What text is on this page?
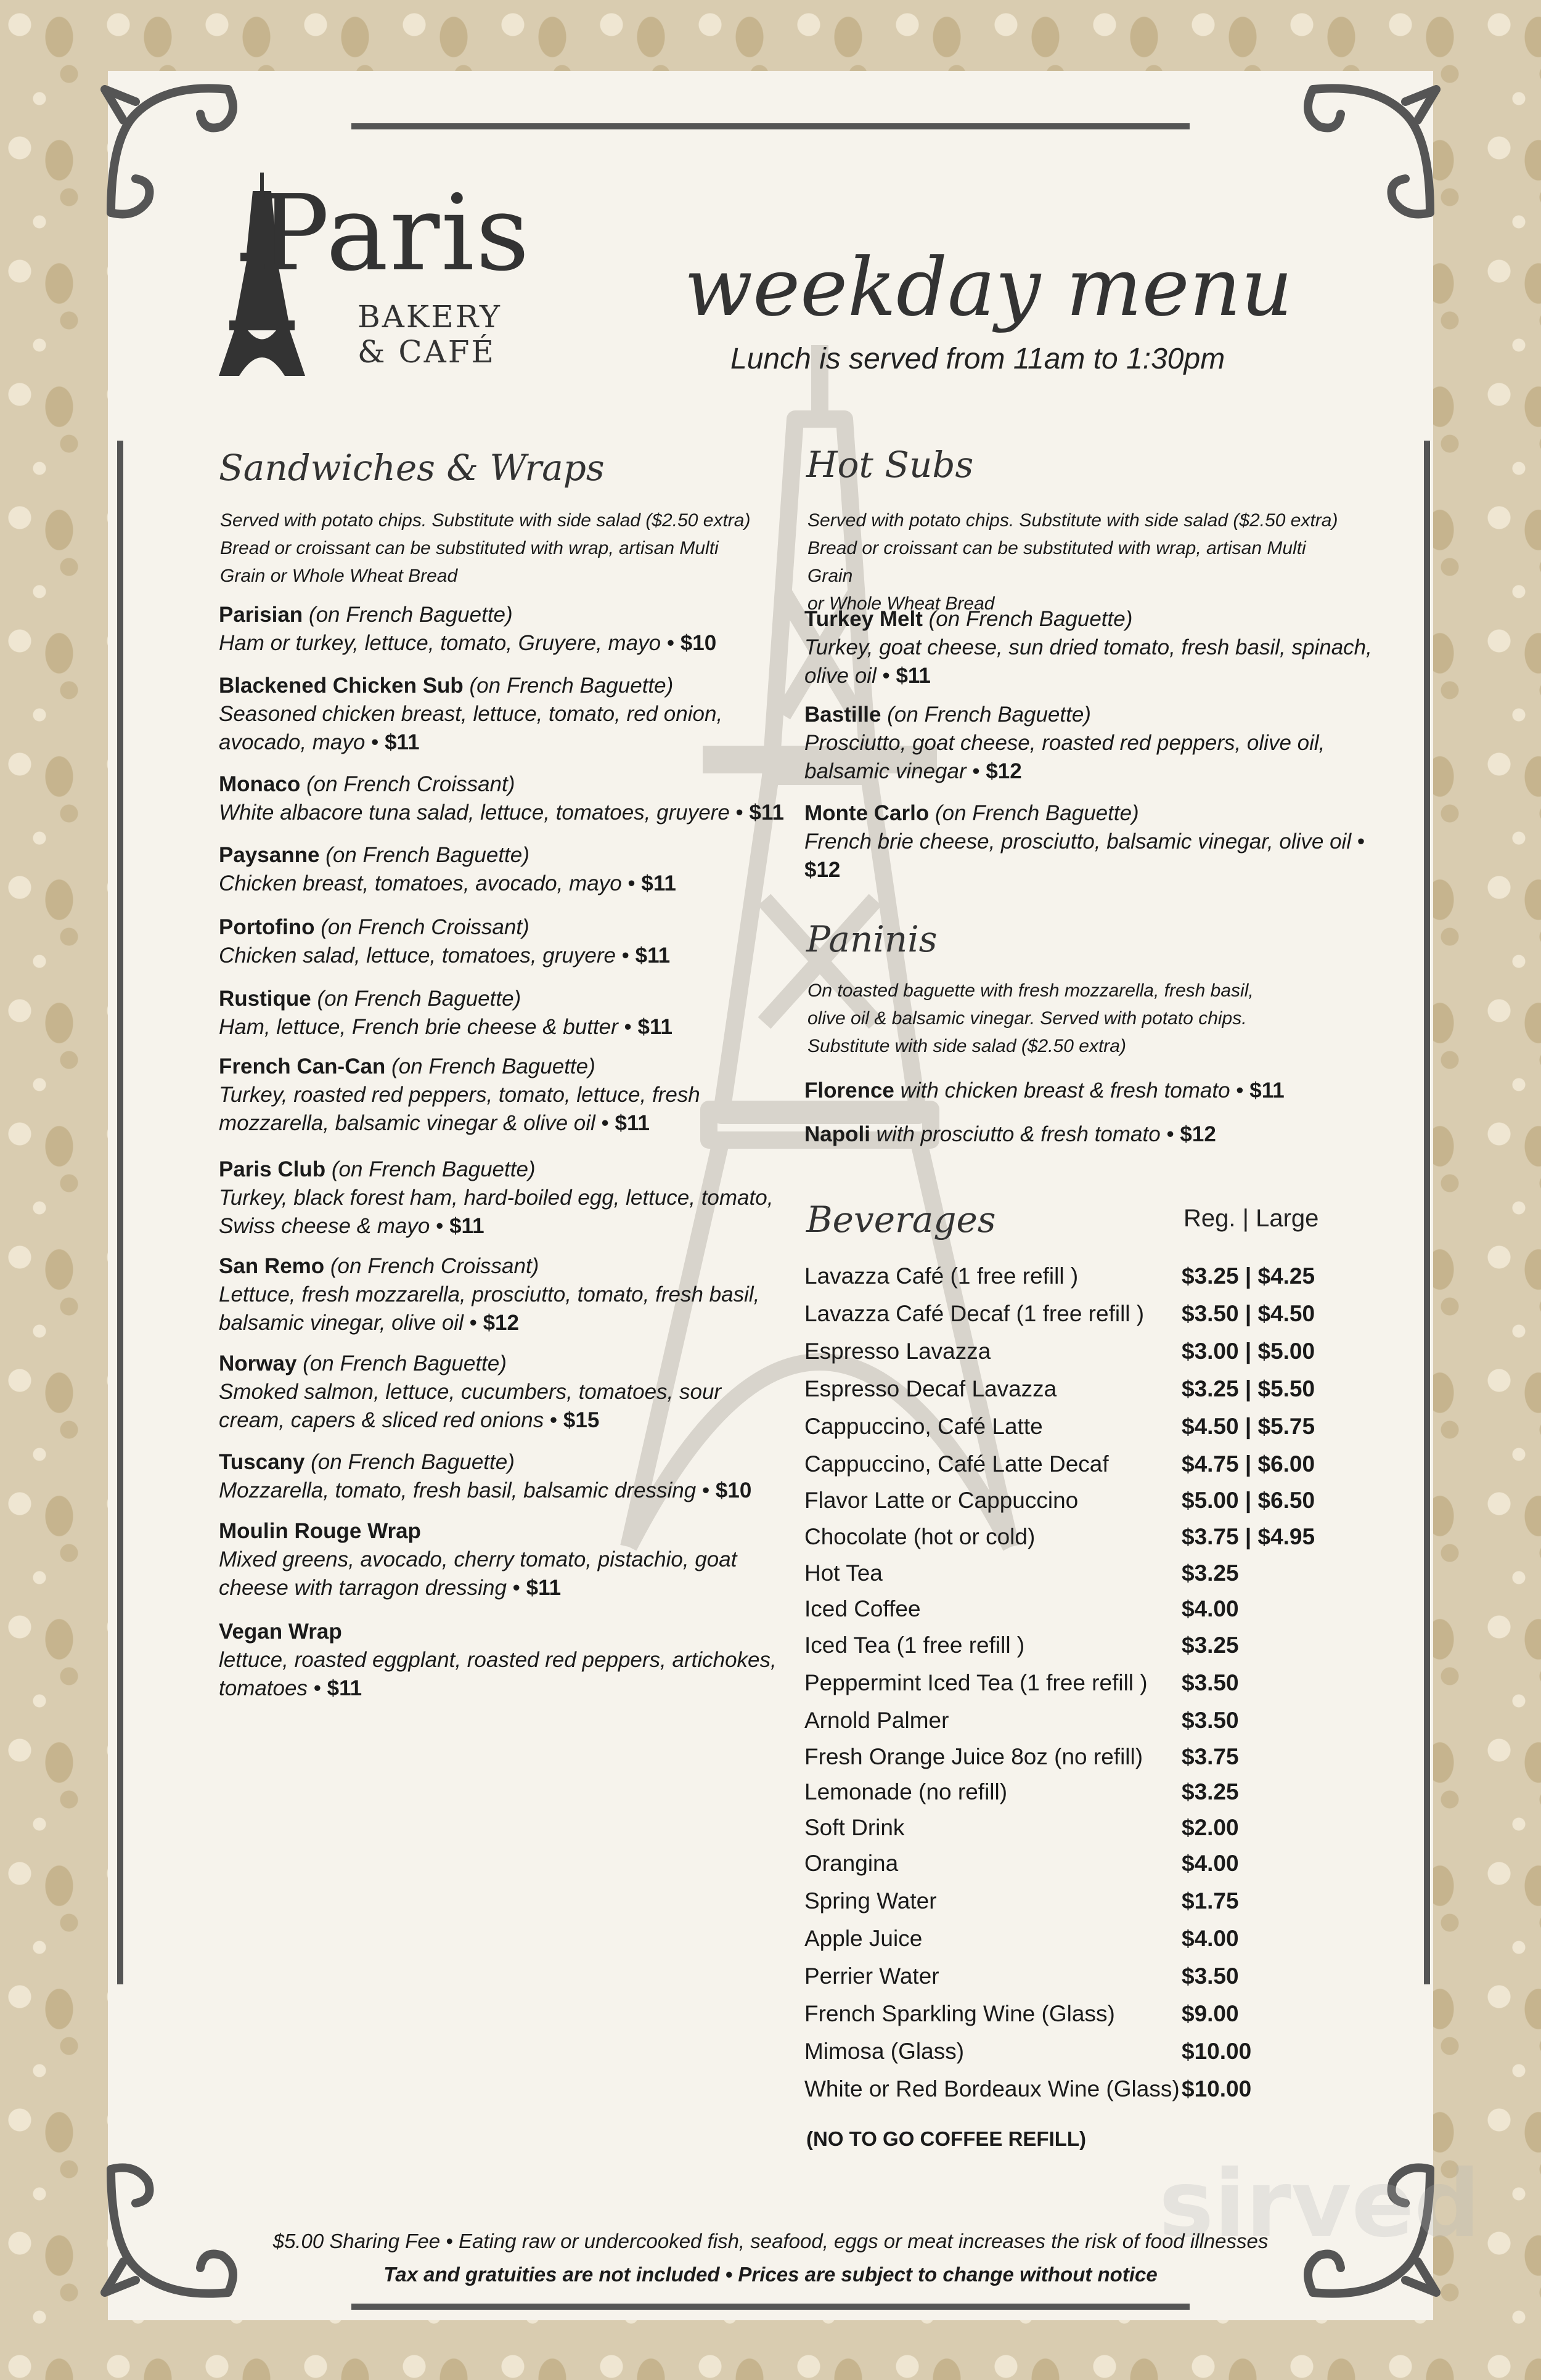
Paris
BAKERY
& CAFÉ
weekday menu
Lunch is served from 11am to 1:30pm
Sandwiches & Wraps
Served with potato chips. Substitute with side salad ($2.50 extra)
Bread or croissant can be substituted with wrap, artisan Multi
Grain or Whole Wheat Bread
Parisian (on French Baguette)
Ham or turkey, lettuce, tomato, Gruyere, mayo • $10
Blackened Chicken Sub (on French Baguette)
Seasoned chicken breast, lettuce, tomato, red onion, avocado, mayo • $11
Monaco (on French Croissant)
White albacore tuna salad, lettuce, tomatoes, gruyere • $11
Paysanne (on French Baguette)
Chicken breast, tomatoes, avocado, mayo • $11
Portofino (on French Croissant)
Chicken salad, lettuce, tomatoes, gruyere • $11
Rustique (on French Baguette)
Ham, lettuce, French brie cheese & butter • $11
French Can-Can (on French Baguette)
Turkey, roasted red peppers, tomato, lettuce, fresh mozzarella, balsamic vinegar & olive oil • $11
Paris Club (on French Baguette)
Turkey, black forest ham, hard-boiled egg, lettuce, tomato, Swiss cheese & mayo • $11
San Remo (on French Croissant)
Lettuce, fresh mozzarella, prosciutto, tomato, fresh basil, balsamic vinegar, olive oil • $12
Norway (on French Baguette)
Smoked salmon, lettuce, cucumbers, tomatoes, sour cream, capers & sliced red onions • $15
Tuscany (on French Baguette)
Mozzarella, tomato, fresh basil, balsamic dressing • $10
Moulin Rouge Wrap
Mixed greens, avocado, cherry tomato, pistachio, goat cheese with tarragon dressing • $11
Vegan Wrap
lettuce, roasted eggplant, roasted red peppers, artichokes, tomatoes • $11
Hot Subs
Served with potato chips. Substitute with side salad ($2.50 extra)
Bread or croissant can be substituted with wrap, artisan Multi Grain
or Whole Wheat Bread
Turkey Melt (on French Baguette)
Turkey, goat cheese, sun dried tomato, fresh basil, spinach, olive oil • $11
Bastille (on French Baguette)
Prosciutto, goat cheese, roasted red peppers, olive oil, balsamic vinegar • $12
Monte Carlo (on French Baguette)
French brie cheese, prosciutto, balsamic vinegar, olive oil • $12
Paninis
On toasted baguette with fresh mozzarella, fresh basil,
olive oil & balsamic vinegar. Served with potato chips.
Substitute with side salad ($2.50 extra)
Florence with chicken breast & fresh tomato • $11
Napoli with prosciutto & fresh tomato • $12
Beverages	Reg. | Large
Lavazza Café (1 free refill )	$3.25 | $4.25
Lavazza Café Decaf (1 free refill ) $3.50 | $4.50
Espresso Lavazza	$3.00 | $5.00
Espresso Decaf Lavazza	$3.25 | $5.50
Cappuccino, Café Latte	$4.50 | $5.75
Cappuccino, Café Latte Decaf	$4.75 | $6.00
Flavor Latte or Cappuccino	$5.00 | $6.50
Chocolate (hot or cold)	$3.75 | $4.95
Hot Tea	$3.25
Iced Coffee	$4.00
Iced Tea (1 free refill )	$3.25
Peppermint Iced Tea (1 free refill ) $3.50
Arnold Palmer	$3.50
Fresh Orange Juice 8oz (no refill) $3.75
Lemonade (no refill)	$3.25
Soft Drink	$2.00
Orangina	$4.00
Spring Water	$1.75
Apple Juice	$4.00
Perrier Water	$3.50
French Sparkling Wine (Glass)	$9.00
Mimosa (Glass)	$10.00
White or Red Bordeaux Wine (Glass) $10.00
(NO TO GO COFFEE REFILL)
sirved
$5.00 Sharing Fee • Eating raw or undercooked fish, seafood, eggs or meat increases the risk of food illnesses
Tax and gratuities are not included • Prices are subject to change without notice
